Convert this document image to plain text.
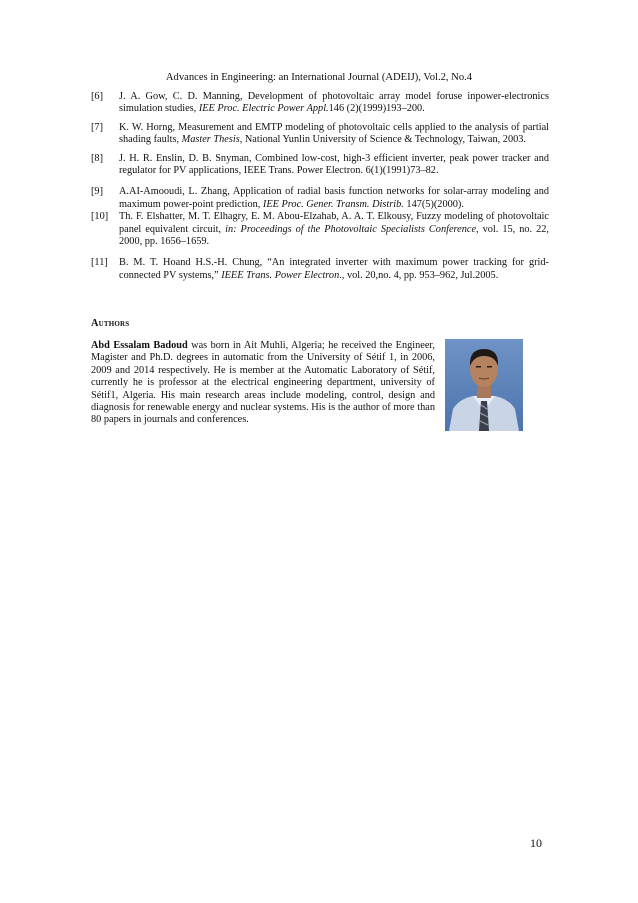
Advances in Engineering: an International Journal (ADEIJ), Vol.2, No.4
[6] J. A. Gow, C. D. Manning, Development of photovoltaic array model foruse inpower-electronics simulation studies, IEE Proc. Electric Power Appl.146 (2)(1999)193–200.
[7] K. W. Horng, Measurement and EMTP modeling of photovoltaic cells applied to the analysis of partial shading faults, Master Thesis, National Yunlin University of Science & Technology, Taiwan, 2003.
[8] J. H. R. Enslin, D. B. Snyman, Combined low-cost, high-3 efficient inverter, peak power tracker and regulator for PV applications, IEEE Trans. Power Electron. 6(1)(1991)73–82.
[9] A.AI-Amooudi, L. Zhang, Application of radial basis function networks for solar-array modeling and maximum power-point prediction, IEE Proc. Gener. Transm. Distrib. 147(5)(2000).
[10] Th. F. Elshatter, M. T. Elhagry, E. M. Abou-Elzahab, A. A. T. Elkousy, Fuzzy modeling of photovoltaic panel equivalent circuit, in: Proceedings of the Photovoltaic Specialists Conference, vol. 15, no. 22, 2000, pp. 1656–1659.
[11] B. M. T. Hoand H.S.-H. Chung, “An integrated inverter with maximum power tracking for grid-connected PV systems,” IEEE Trans. Power Electron., vol. 20,no. 4, pp. 953–962, Jul.2005.
Authors
Abd Essalam Badoud was born in Ait Muhli, Algeria; he received the Engineer, Magister and Ph.D. degrees in automatic from the University of Sétif 1, in 2006, 2009 and 2014 respectively. He is member at the Automatic Laboratory of Sétif, currently he is professor at the electrical engineering department, university of Sétif1, Algeria. His main research areas include modeling, control, design and diagnosis for renewable energy and nuclear systems. His is the author of more than 80 papers in journals and conferences.
10
